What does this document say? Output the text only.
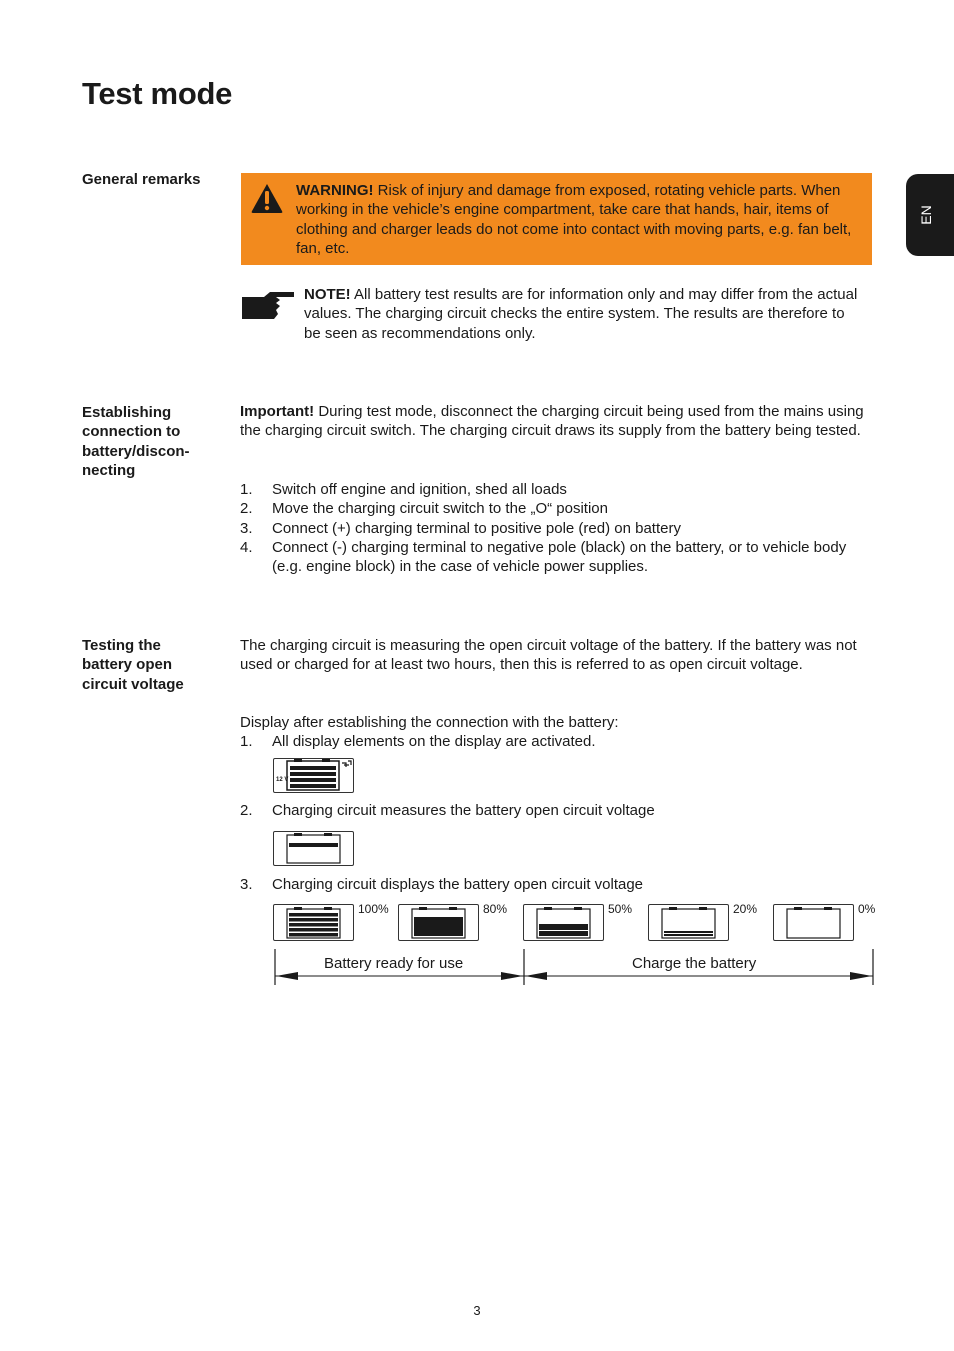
Test mode
EN
General remarks
WARNING! Risk of injury and damage from exposed, rotating vehicle parts. When working in the vehicle’s engine compartment, take care that hands, hair, items of clothing and charger leads do not come into contact with moving parts, e.g. fan belt, fan, etc.
NOTE! All battery test results are for information only and may differ from the actual values. The charging circuit checks the entire system. The results are therefore to be seen as recommendations only.
Establishing
connection to
battery/discon-
necting
Important! During test mode, disconnect the charging circuit being used from the mains using the charging circuit switch. The charging circuit draws its supply from the battery being tested.
1. Switch off engine and ignition, shed all loads
2. Move the charging circuit switch to the „O“ position
3. Connect (+) charging terminal to positive pole (red) on battery
4. Connect (-) charging terminal to negative pole (black) on the battery, or to vehicle body (e.g. engine block) in the case of vehicle power supplies.
Testing the
battery open
circuit voltage
The charging circuit is measuring the open circuit voltage of the battery. If the battery was not used or charged for at least two hours, then this is referred to as open circuit voltage.
Display after establishing the connection with the battery:
1. All display elements on the display are activated.
12 V
2. Charging circuit measures the battery open circuit voltage
3. Charging circuit displays the battery open circuit voltage
100%	80%	50%	20%	0%
Battery ready for use	Charge the battery
3
